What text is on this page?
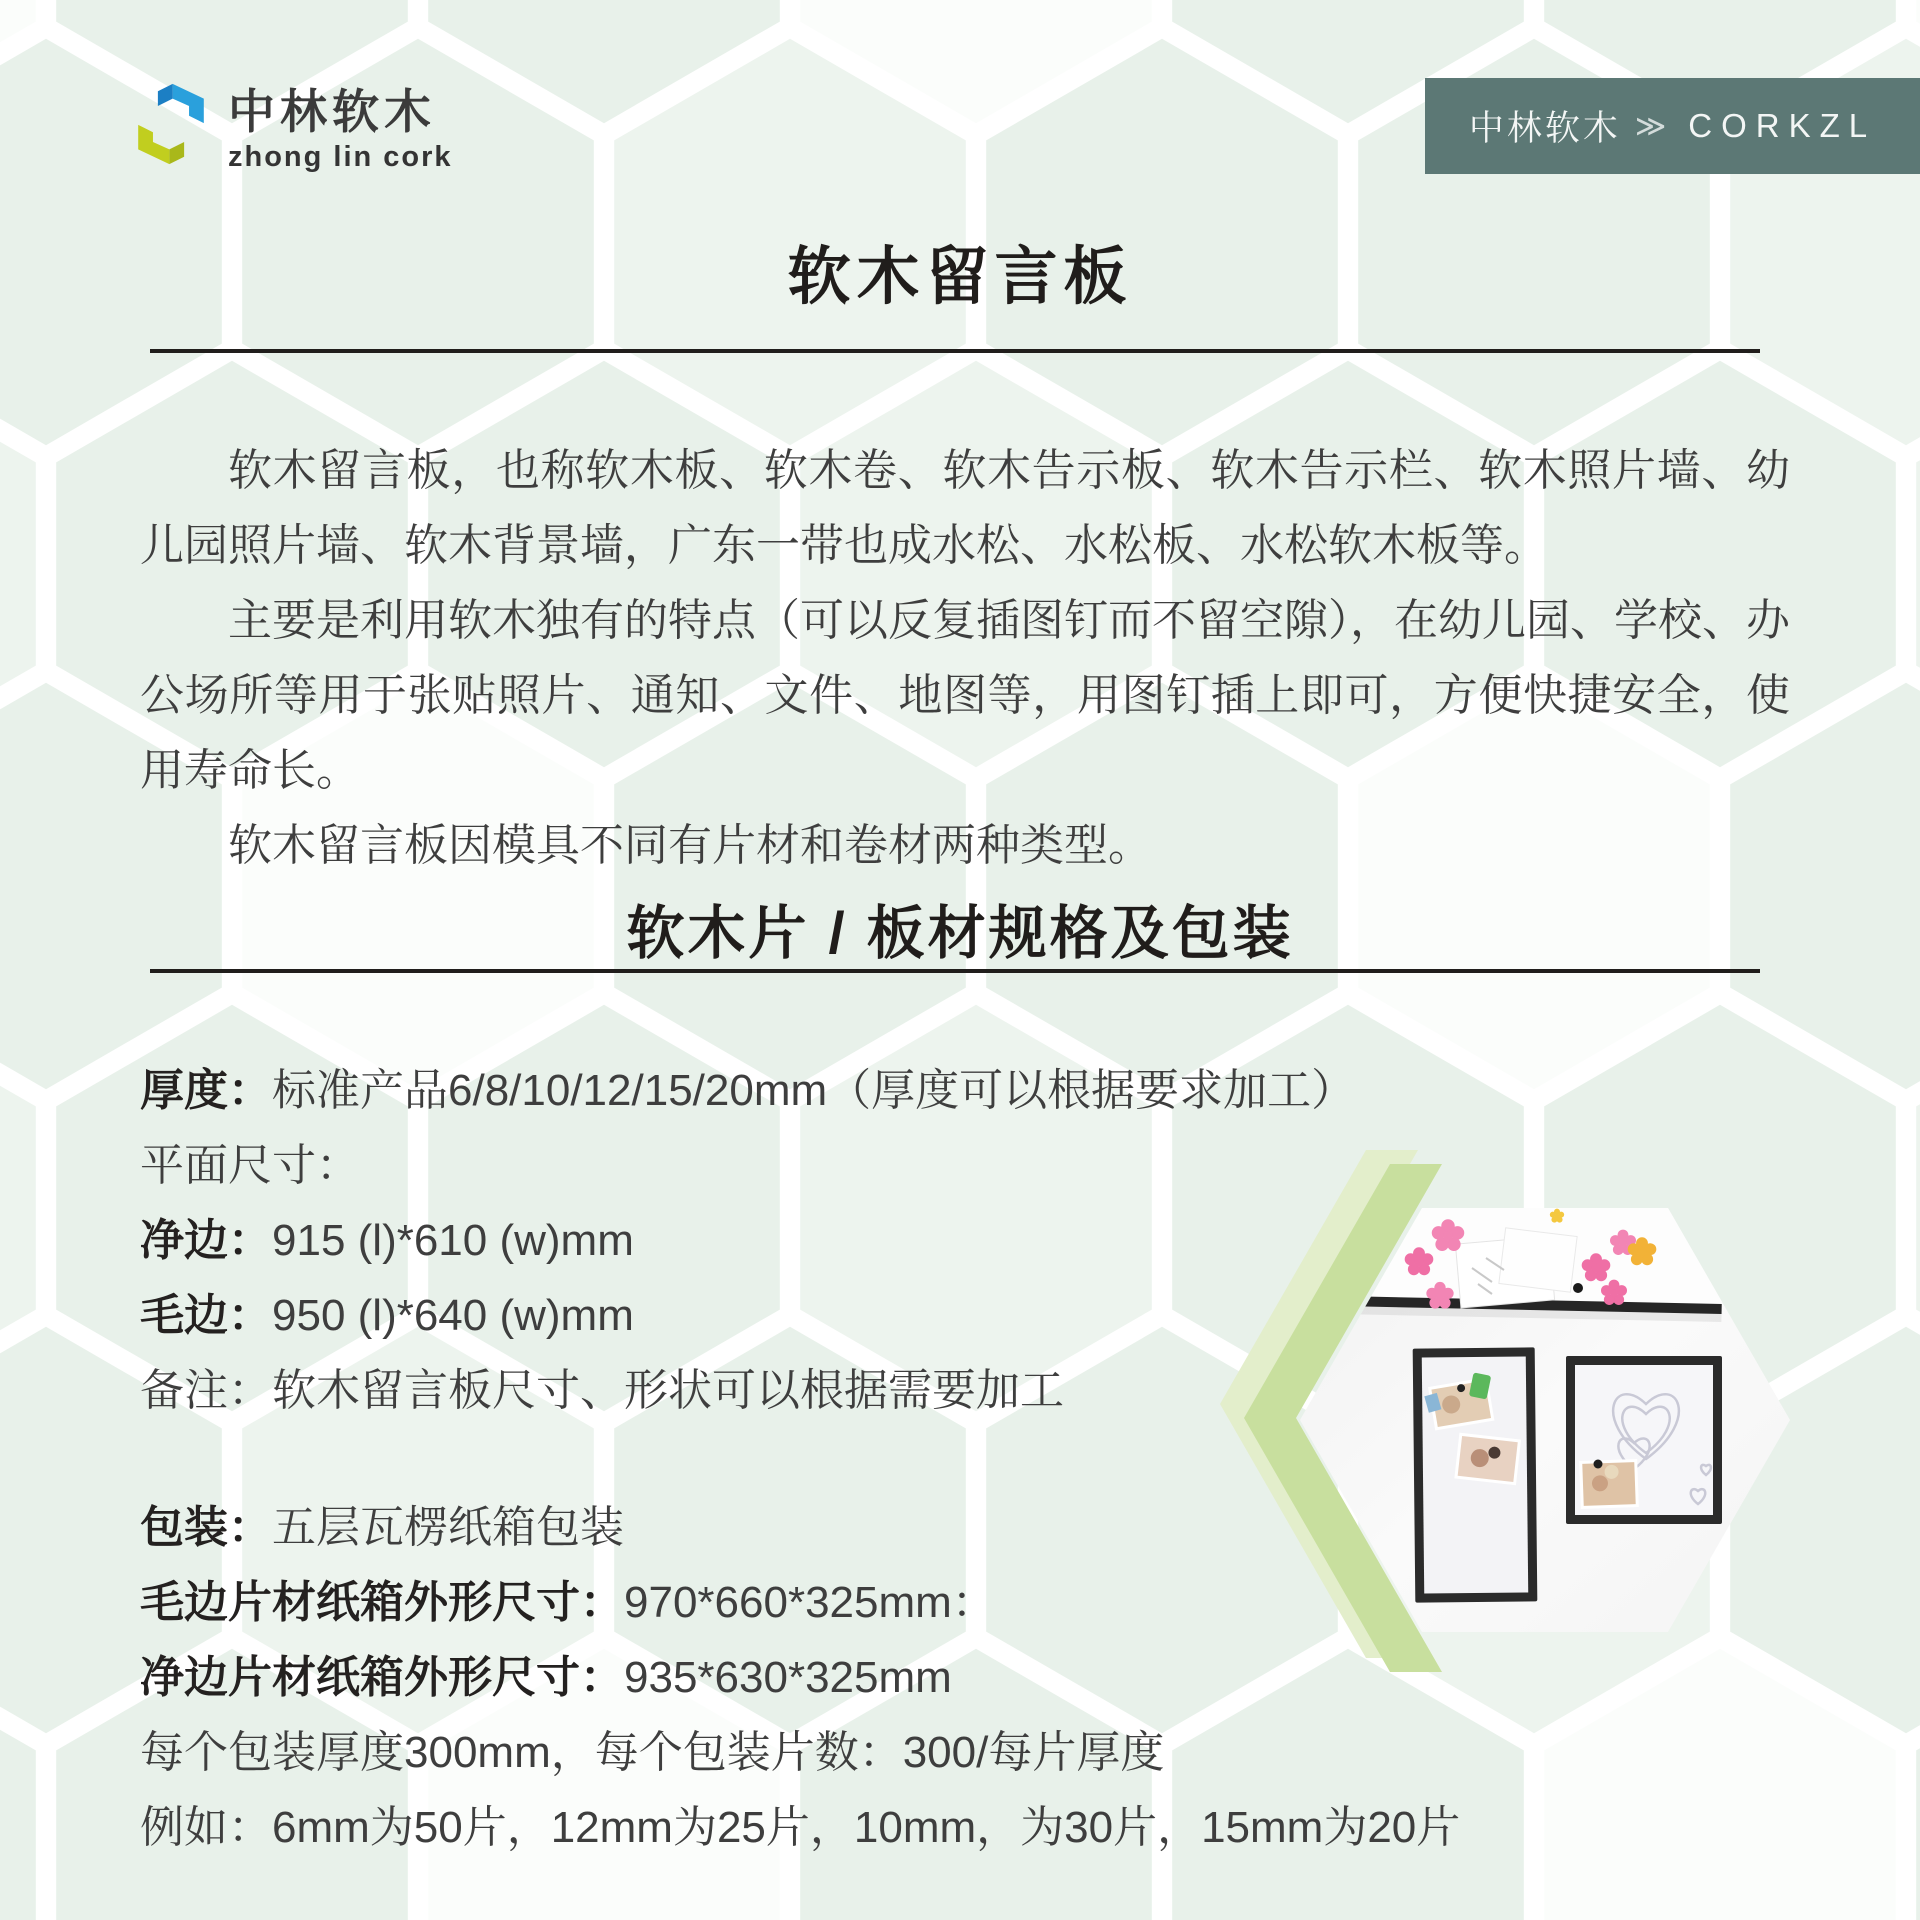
中林软木
zhong lin cork
中林软木 ≫ CORKZL
软木留言板

软木留言板，也称软木板、软木卷、软木告示板、软木告示栏、软木照片墙、幼儿园照片墙、软木背景墙，广东一带也成水松、水松板、水松软木板等。

主要是利用软木独有的特点（可以反复插图钉而不留空隙），在幼儿园、学校、办公场所等用于张贴照片、通知、文件、地图等，用图钉插上即可，方便快捷安全，使用寿命长。

软木留言板因模具不同有片材和卷材两种类型。

软木片 / 板材规格及包装
厚度：标准产品6/8/10/12/15/20mm（厚度可以根据要求加工）
平面尺寸：
净边：915 (l)*610 (w)mm
毛边：950 (l)*640 (w)mm
备注：软木留言板尺寸、形状可以根据需要加工
包装：五层瓦楞纸箱包装
毛边片材纸箱外形尺寸：970*660*325mm：
净边片材纸箱外形尺寸：935*630*325mm
每个包装厚度300mm，每个包装片数：300/每片厚度
例如：6mm为50片，12mm为25片，10mm，为30片，15mm为20片
